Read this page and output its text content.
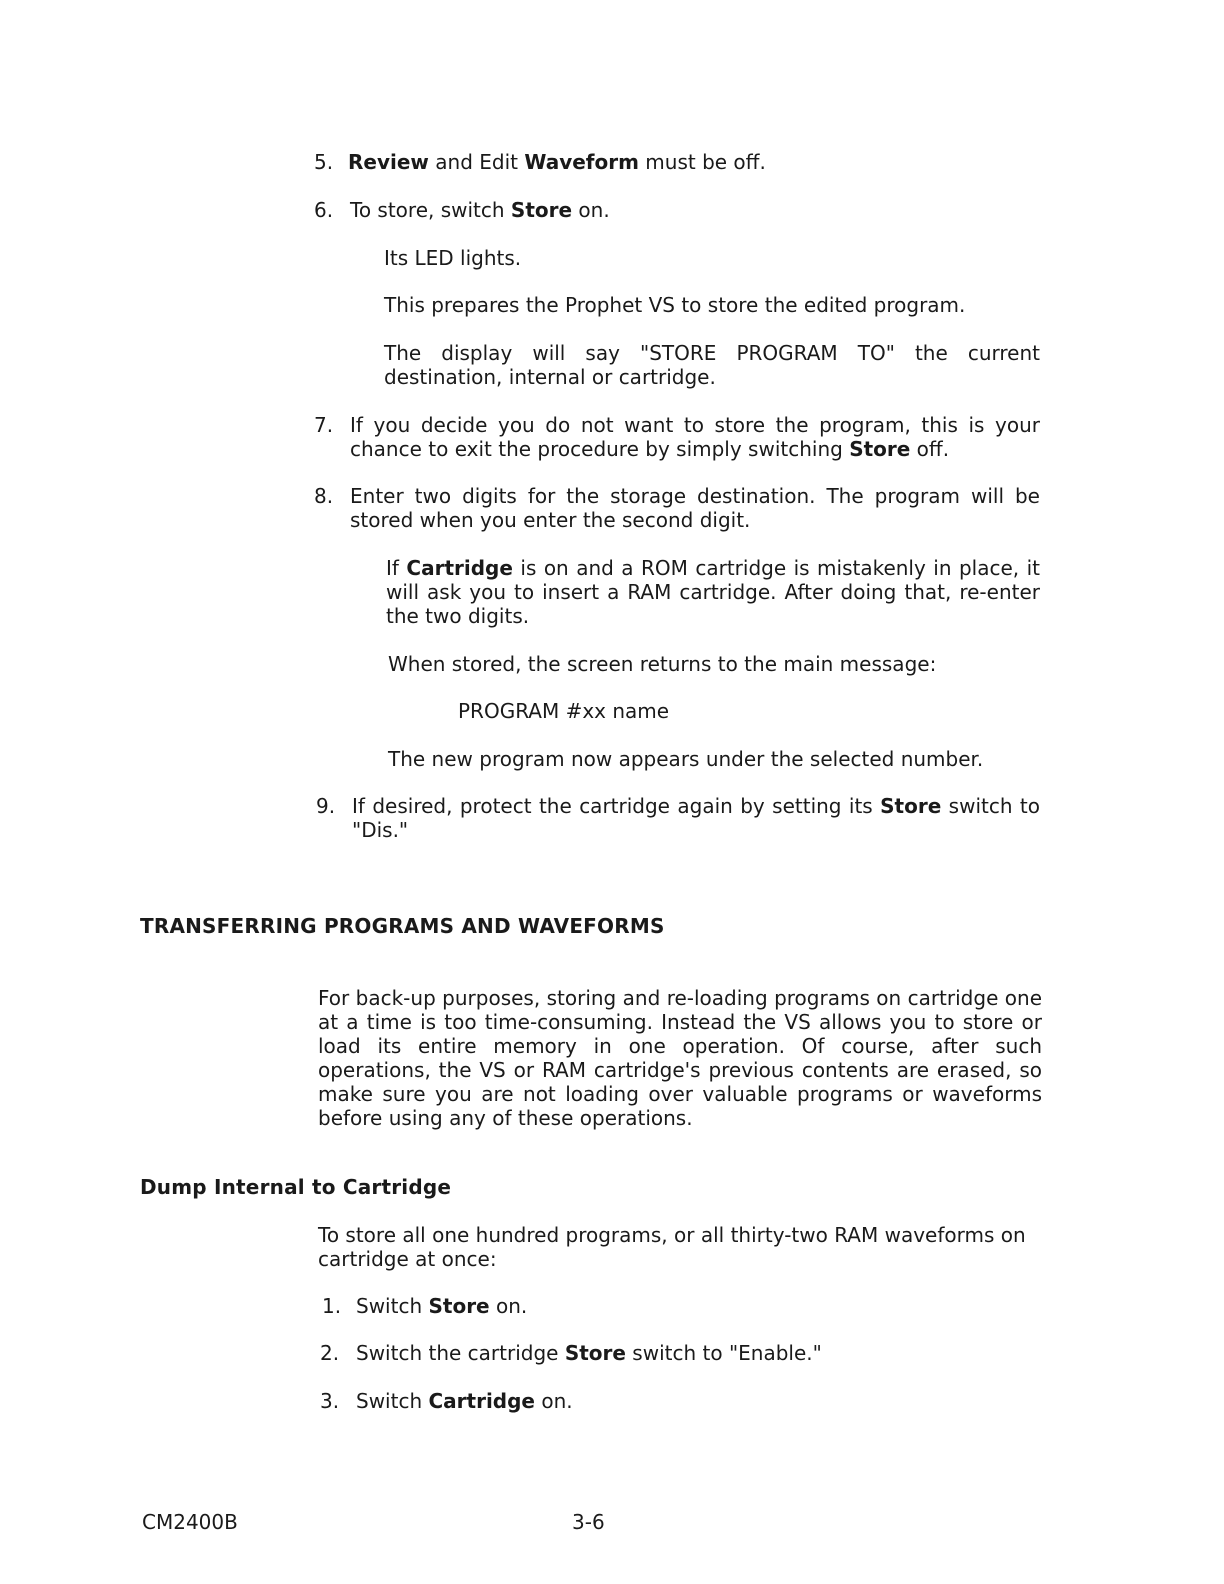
5. Review and Edit Waveform must be off.

6. To store, switch Store on.

Its LED lights.

This prepares the Prophet VS to store the edited program.

The display will say "STORE PROGRAM TO" the current destination, internal or cartridge.

7. If you decide you do not want to store the program, this is your chance to exit the procedure by simply switching Store off.

8. Enter two digits for the storage destination. The program will be stored when you enter the second digit.

If Cartridge is on and a ROM cartridge is mistakenly in place, it will ask you to insert a RAM cartridge. After doing that, re-enter the two digits.

When stored, the screen returns to the main message:

PROGRAM #xx name

The new program now appears under the selected number.

9. If desired, protect the cartridge again by setting its Store switch to "Dis."

TRANSFERRING PROGRAMS AND WAVEFORMS

For back-up purposes, storing and re-loading programs on cartridge one at a time is too time-consuming. Instead the VS allows you to store or load its entire memory in one operation. Of course, after such operations, the VS or RAM cartridge's previous contents are erased, so make sure you are not loading over valuable programs or waveforms before using any of these operations.

Dump Internal to Cartridge

To store all one hundred programs, or all thirty-two RAM waveforms on cartridge at once:

1. Switch Store on.

2. Switch the cartridge Store switch to "Enable."

3. Switch Cartridge on.

CM2400B	3-6
